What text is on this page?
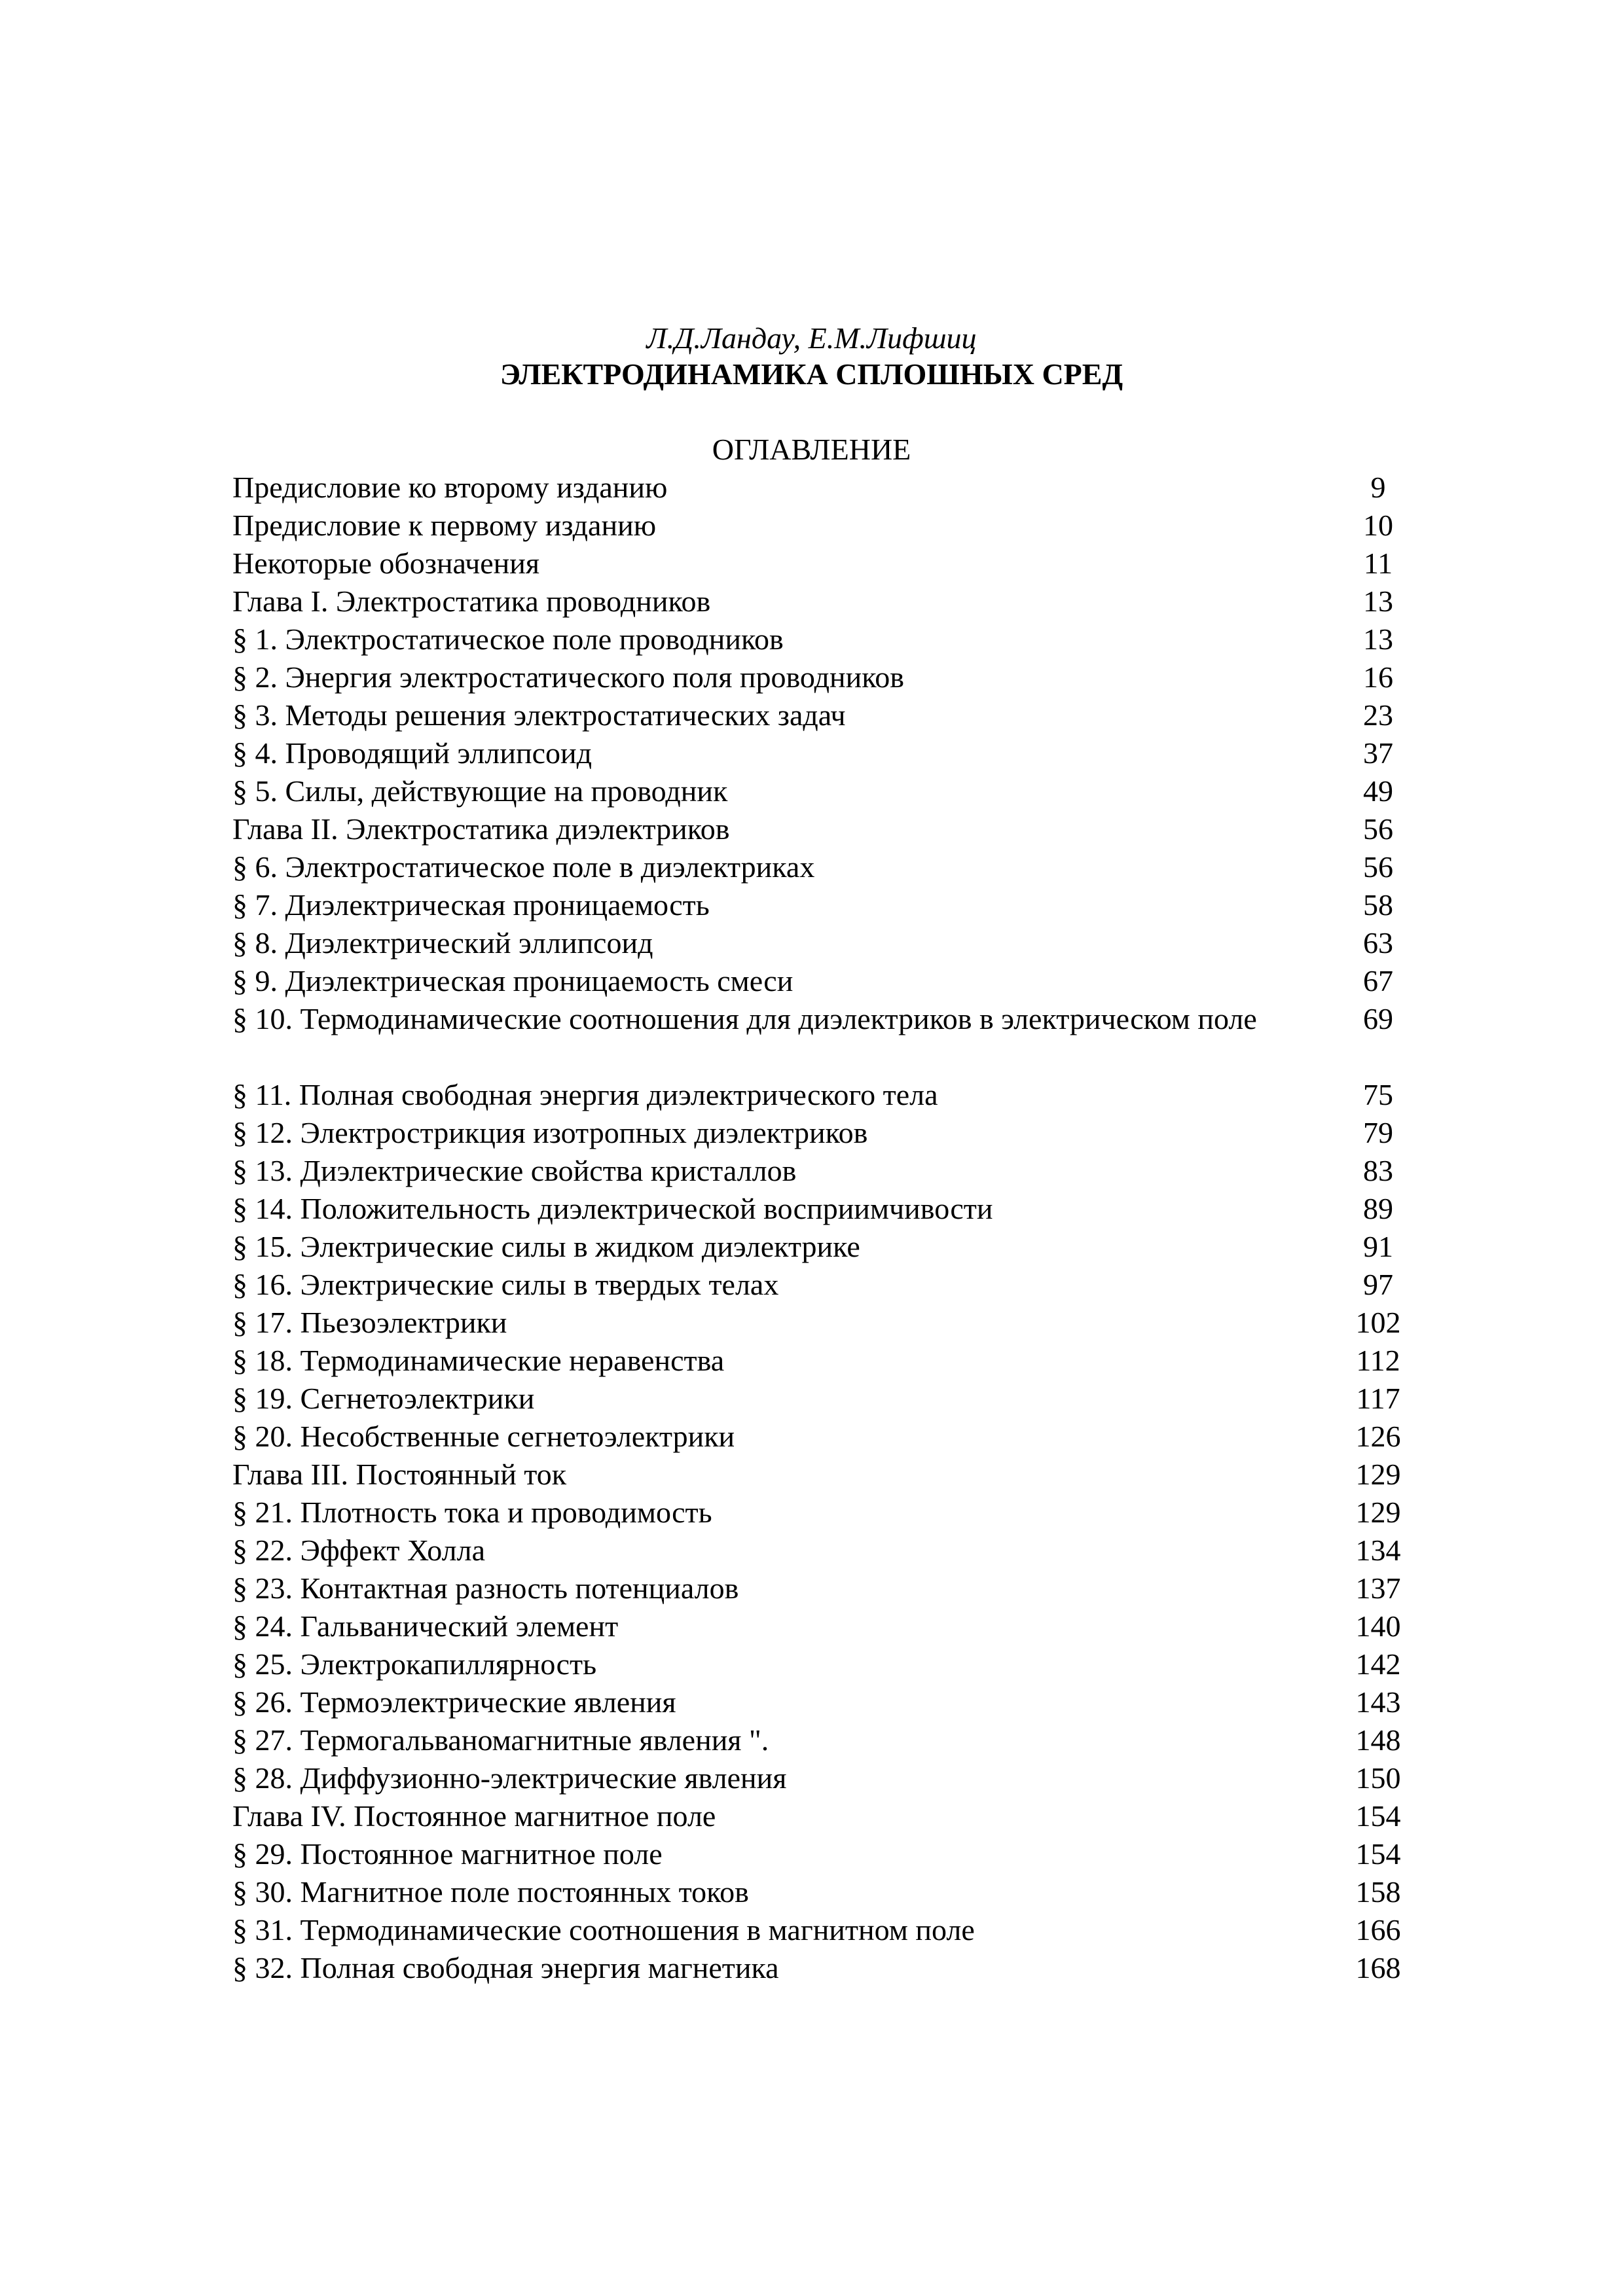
Л.Д.Ландау, Е.М.Лифшиц
ЭЛЕКТРОДИНАМИКА СПЛОШНЫХ СРЕД
ОГЛАВЛЕНИЕ
Предисловие ко второму изданию	9
Предисловие к первому изданию	10
Некоторые обозначения	11
Глава I. Электростатика проводников	13
§ 1. Электростатическое поле проводников	13
§ 2. Энергия электростатического поля проводников	16
§ 3. Методы решения электростатических задач	23
§ 4. Проводящий эллипсоид	37
§ 5. Силы, действующие на проводник	49
Глава II. Электростатика диэлектриков	56
§ 6. Электростатическое поле в диэлектриках	56
§ 7. Диэлектрическая проницаемость	58
§ 8. Диэлектрический эллипсоид	63
§ 9. Диэлектрическая проницаемость смеси	67
§ 10. Термодинамические соотношения для диэлектриков в электрическом поле	69
§ 11. Полная свободная энергия диэлектрического тела	75
§ 12. Электрострикция изотропных диэлектриков	79
§ 13. Диэлектрические свойства кристаллов	83
§ 14. Положительность диэлектрической восприимчивости	89
§ 15. Электрические силы в жидком диэлектрике	91
§ 16. Электрические силы в твердых телах	97
§ 17. Пьезоэлектрики	102
§ 18. Термодинамические неравенства	112
§ 19. Сегнетоэлектрики	117
§ 20. Несобственные сегнетоэлектрики	126
Глава III. Постоянный ток	129
§ 21. Плотность тока и проводимость	129
§ 22. Эффект Холла	134
§ 23. Контактная разность потенциалов	137
§ 24. Гальванический элемент	140
§ 25. Электрокапиллярность	142
§ 26. Термоэлектрические явления	143
§ 27. Термогальваномагнитные явления ".	148
§ 28. Диффузионно-электрические явления	150
Глава IV. Постоянное магнитное поле	154
§ 29. Постоянное магнитное поле	154
§ 30. Магнитное поле постоянных токов	158
§ 31. Термодинамические соотношения в магнитном поле	166
§ 32. Полная свободная энергия магнетика	168
